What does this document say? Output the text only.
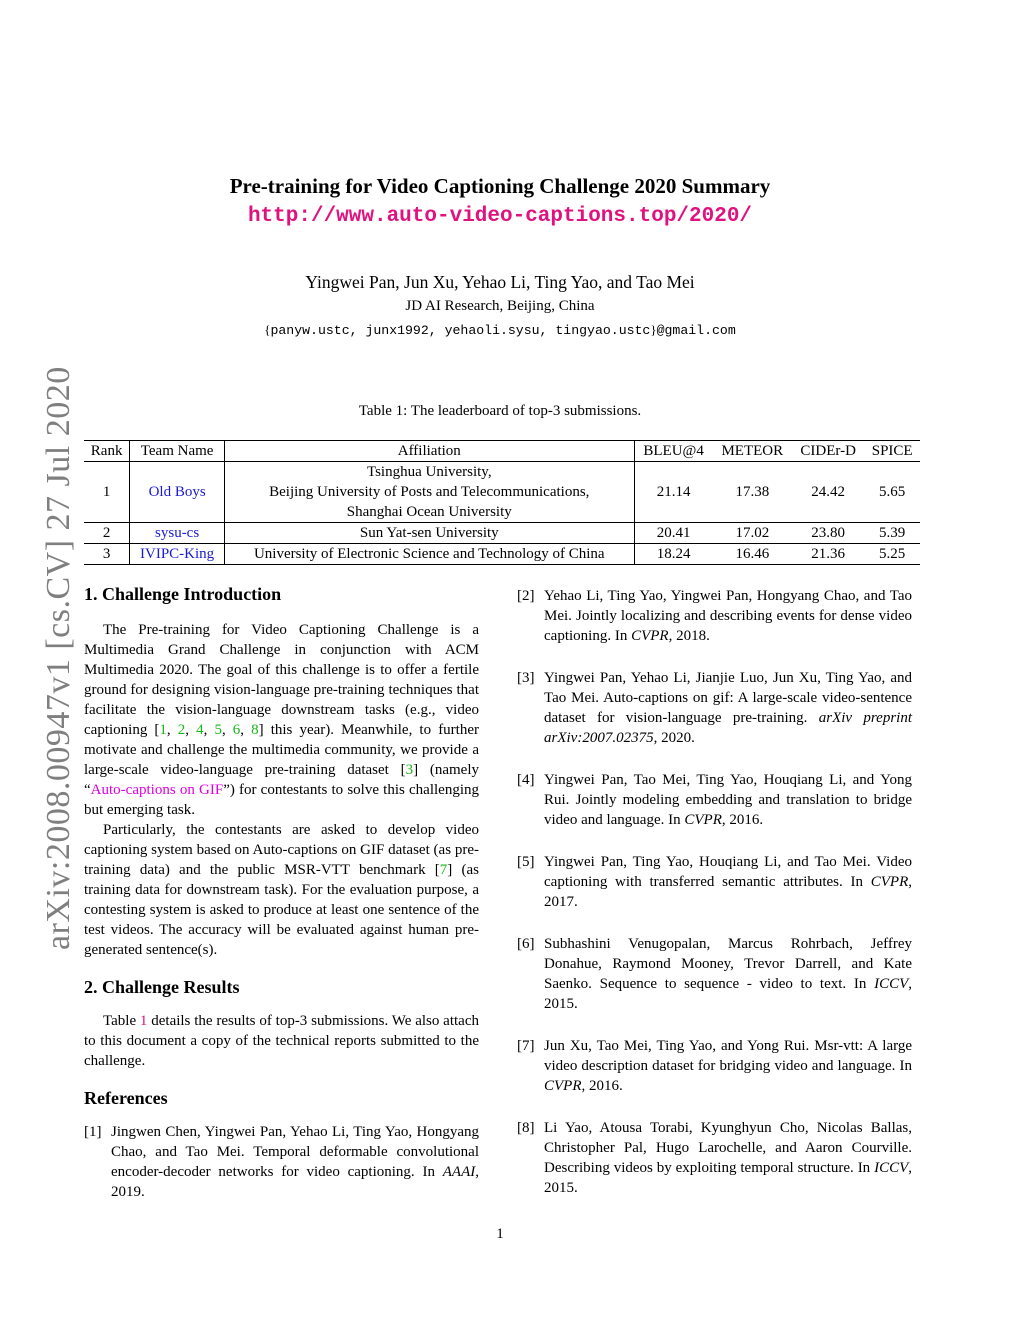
arXiv:2008.00947v1 [cs.CV] 27 Jul 2020
Pre-training for Video Captioning Challenge 2020 Summary
http://www.auto-video-captions.top/2020/
Yingwei Pan, Jun Xu, Yehao Li, Ting Yao, and Tao Mei
JD AI Research, Beijing, China
{panyw.ustc, junx1992, yehaoli.sysu, tingyao.ustc}@gmail.com
Table 1: The leaderboard of top-3 submissions.
Rank	Team Name	Affiliation	BLEU@4	METEOR	CIDEr-D	SPICE
1	Old Boys	Tsinghua University,
Beijing University of Posts and Telecommunications,
Shanghai Ocean University	21.14	17.38	24.42	5.65
2	sysu-cs	Sun Yat-sen University	20.41	17.02	23.80	5.39
3	IVIPC-King	University of Electronic Science and Technology of China	18.24	16.46	21.36	5.25
1. Challenge Introduction

The Pre-training for Video Captioning Challenge is a Multimedia Grand Challenge in conjunction with ACM Multimedia 2020. The goal of this challenge is to offer a fertile ground for designing vision-language pre-training techniques that facilitate the vision-language downstream tasks (e.g., video captioning [1, 2, 4, 5, 6, 8] this year). Meanwhile, to further motivate and challenge the multimedia community, we provide a large-scale video-language pre-training dataset [3] (namely “Auto-captions on GIF”) for contestants to solve this challenging but emerging task.

Particularly, the contestants are asked to develop video captioning system based on Auto-captions on GIF dataset (as pre-training data) and the public MSR-VTT benchmark [7] (as training data for downstream task). For the evaluation purpose, a contesting system is asked to produce at least one sentence of the test videos. The accuracy will be evaluated against human pre-generated sentence(s).

2. Challenge Results

Table 1 details the results of top-3 submissions. We also attach to this document a copy of the technical reports submitted to the challenge.

References
[1] Jingwen Chen, Yingwei Pan, Yehao Li, Ting Yao, Hongyang Chao, and Tao Mei. Temporal deformable convolutional encoder-decoder networks for video captioning. In AAAI, 2019.
[2] Yehao Li, Ting Yao, Yingwei Pan, Hongyang Chao, and Tao Mei. Jointly localizing and describing events for dense video captioning. In CVPR, 2018.
[3] Yingwei Pan, Yehao Li, Jianjie Luo, Jun Xu, Ting Yao, and Tao Mei. Auto-captions on gif: A large-scale video-sentence dataset for vision-language pre-training. arXiv preprint arXiv:2007.02375, 2020.
[4] Yingwei Pan, Tao Mei, Ting Yao, Houqiang Li, and Yong Rui. Jointly modeling embedding and translation to bridge video and language. In CVPR, 2016.
[5] Yingwei Pan, Ting Yao, Houqiang Li, and Tao Mei. Video captioning with transferred semantic attributes. In CVPR, 2017.
[6] Subhashini Venugopalan, Marcus Rohrbach, Jeffrey Donahue, Raymond Mooney, Trevor Darrell, and Kate Saenko. Sequence to sequence - video to text. In ICCV, 2015.
[7] Jun Xu, Tao Mei, Ting Yao, and Yong Rui. Msr-vtt: A large video description dataset for bridging video and language. In CVPR, 2016.
[8] Li Yao, Atousa Torabi, Kyunghyun Cho, Nicolas Ballas, Christopher Pal, Hugo Larochelle, and Aaron Courville. Describing videos by exploiting temporal structure. In ICCV, 2015.
1
